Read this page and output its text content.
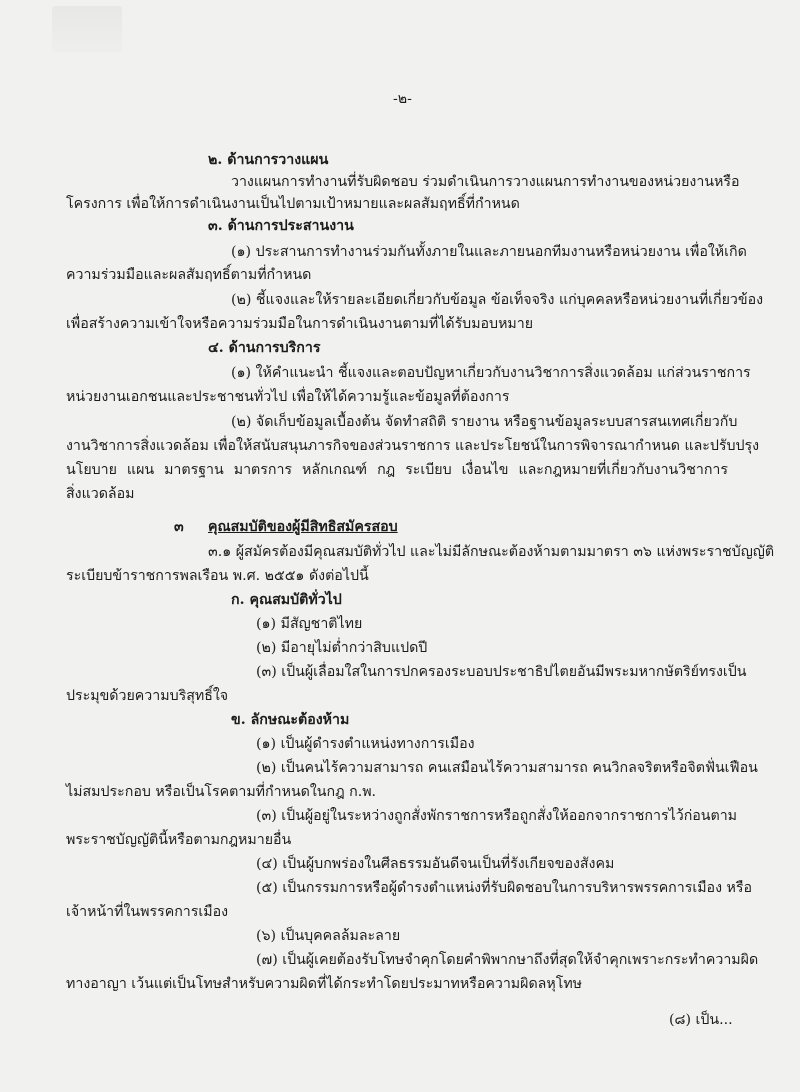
-๒-
๒. ด้านการวางแผน
วางแผนการทำงานที่รับผิดชอบ ร่วมดำเนินการวางแผนการทำงานของหน่วยงานหรือ
โครงการ เพื่อให้การดำเนินงานเป็นไปตามเป้าหมายและผลสัมฤทธิ์ที่กำหนด
๓. ด้านการประสานงาน
(๑) ประสานการทำงานร่วมกันทั้งภายในและภายนอกทีมงานหรือหน่วยงาน เพื่อให้เกิด
ความร่วมมือและผลสัมฤทธิ์ตามที่กำหนด
(๒) ชี้แจงและให้รายละเอียดเกี่ยวกับข้อมูล ข้อเท็จจริง แก่บุคคลหรือหน่วยงานที่เกี่ยวข้อง
เพื่อสร้างความเข้าใจหรือความร่วมมือในการดำเนินงานตามที่ได้รับมอบหมาย
๔. ด้านการบริการ
(๑) ให้คำแนะนำ ชี้แจงและตอบปัญหาเกี่ยวกับงานวิชาการสิ่งแวดล้อม แก่ส่วนราชการ
หน่วยงานเอกชนและประชาชนทั่วไป เพื่อให้ได้ความรู้และข้อมูลที่ต้องการ
(๒) จัดเก็บข้อมูลเบื้องต้น จัดทำสถิติ รายงาน หรือฐานข้อมูลระบบสารสนเทศเกี่ยวกับ
งานวิชาการสิ่งแวดล้อม เพื่อให้สนับสนุนภารกิจของส่วนราชการ และประโยชน์ในการพิจารณากำหนด และปรับปรุง
นโยบาย แผน มาตรฐาน มาตรการ หลักเกณฑ์ กฎ ระเบียบ เงื่อนไข และกฎหมายที่เกี่ยวกับงานวิชาการ
สิ่งแวดล้อม
๓ คุณสมบัติของผู้มีสิทธิสมัครสอบ
๓.๑ ผู้สมัครต้องมีคุณสมบัติทั่วไป และไม่มีลักษณะต้องห้ามตามมาตรา ๓๖ แห่งพระราชบัญญัติ
ระเบียบข้าราชการพลเรือน พ.ศ. ๒๕๕๑ ดังต่อไปนี้
ก. คุณสมบัติทั่วไป
(๑) มีสัญชาติไทย
(๒) มีอายุไม่ต่ำกว่าสิบแปดปี
(๓) เป็นผู้เลื่อมใสในการปกครองระบอบประชาธิปไตยอันมีพระมหากษัตริย์ทรงเป็น
ประมุขด้วยความบริสุทธิ์ใจ
ข. ลักษณะต้องห้าม
(๑) เป็นผู้ดำรงตำแหน่งทางการเมือง
(๒) เป็นคนไร้ความสามารถ คนเสมือนไร้ความสามารถ คนวิกลจริตหรือจิตฟั่นเฟือน
ไม่สมประกอบ หรือเป็นโรคตามที่กำหนดในกฎ ก.พ.
(๓) เป็นผู้อยู่ในระหว่างถูกสั่งพักราชการหรือถูกสั่งให้ออกจากราชการไว้ก่อนตาม
พระราชบัญญัตินี้หรือตามกฎหมายอื่น
(๔) เป็นผู้บกพร่องในศีลธรรมอันดีจนเป็นที่รังเกียจของสังคม
(๕) เป็นกรรมการหรือผู้ดำรงตำแหน่งที่รับผิดชอบในการบริหารพรรคการเมือง หรือ
เจ้าหน้าที่ในพรรคการเมือง
(๖) เป็นบุคคลล้มละลาย
(๗) เป็นผู้เคยต้องรับโทษจำคุกโดยคำพิพากษาถึงที่สุดให้จำคุกเพราะกระทำความผิด
ทางอาญา เว้นแต่เป็นโทษสำหรับความผิดที่ได้กระทำโดยประมาทหรือความผิดลหุโทษ
(๘) เป็น...
